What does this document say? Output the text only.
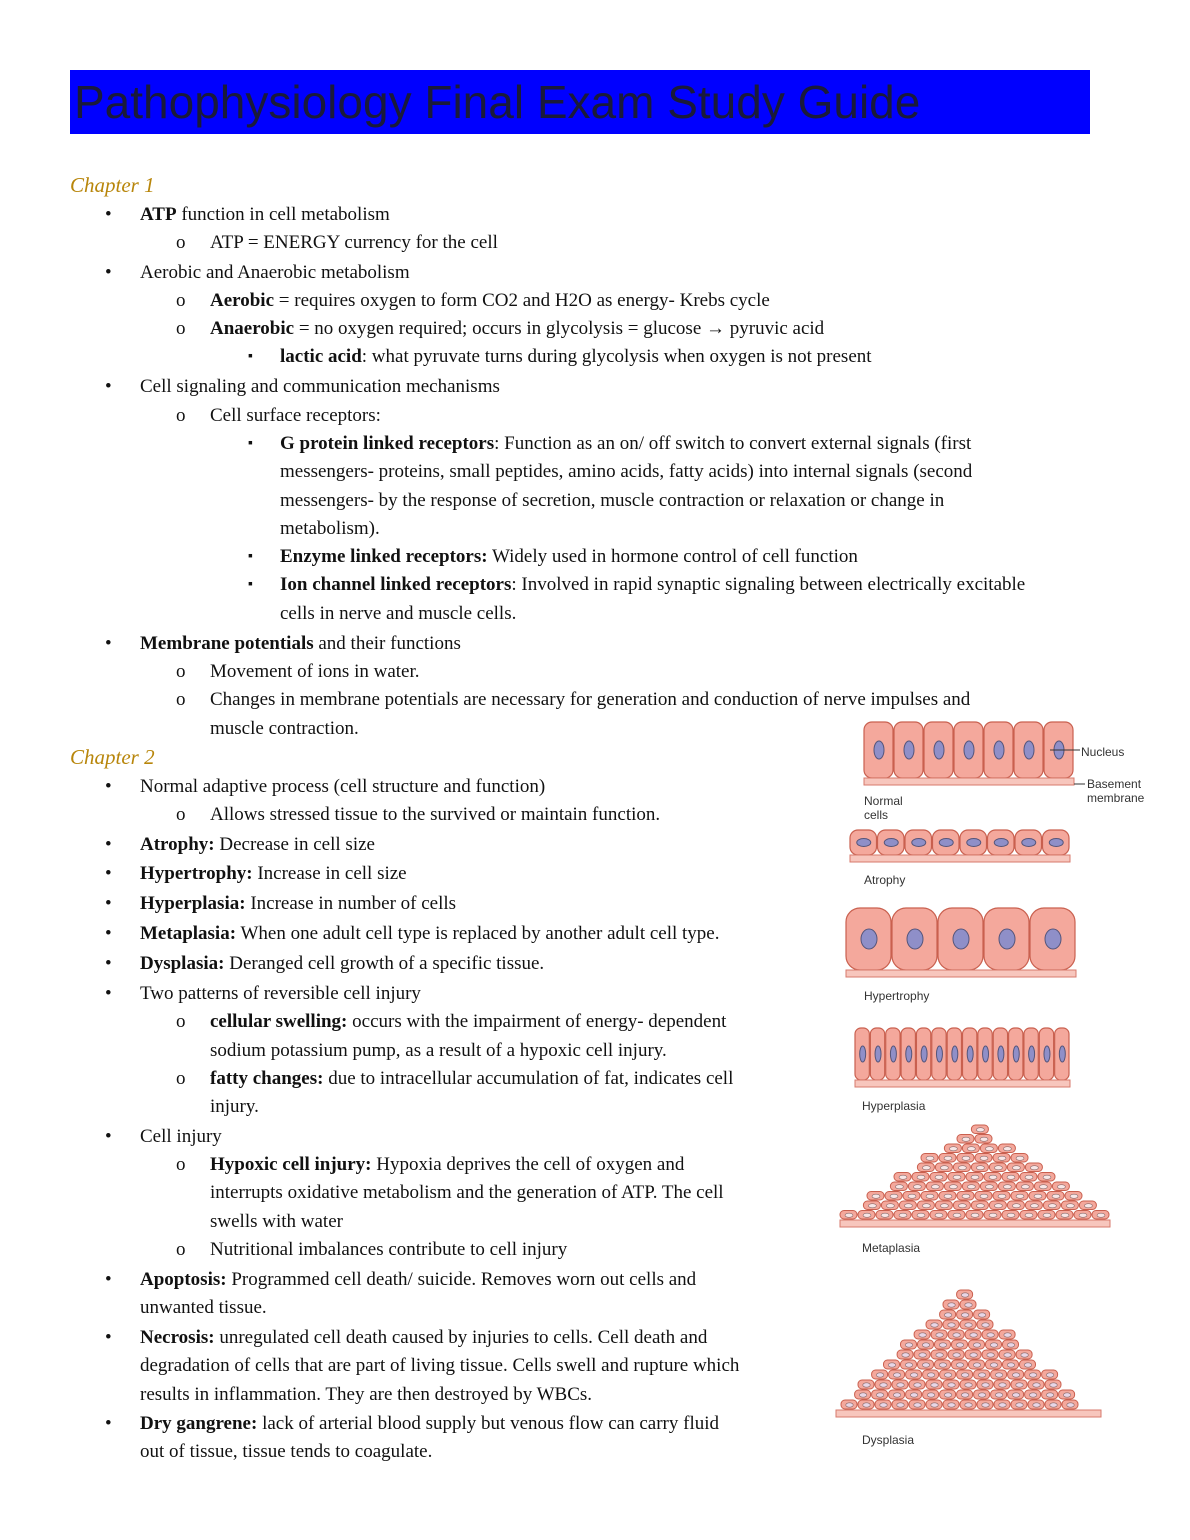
Pathophysiology Final Exam Study Guide
Chapter 1
• ATP function in cell metabolism
o ATP = ENERGY currency for the cell
• Aerobic and Anaerobic metabolism
o Aerobic = requires oxygen to form CO2 and H2O as energy- Krebs cycle
o Anaerobic = no oxygen required; occurs in glycolysis = glucose → pyruvic acid
▪ lactic acid: what pyruvate turns during glycolysis when oxygen is not present
• Cell signaling and communication mechanisms
o Cell surface receptors:
▪ G protein linked receptors: Function as an on/ off switch to convert external signals (first
messengers- proteins, small peptides, amino acids, fatty acids) into internal signals (second
messengers- by the response of secretion, muscle contraction or relaxation or change in
metabolism).
▪ Enzyme linked receptors: Widely used in hormone control of cell function
▪ Ion channel linked receptors: Involved in rapid synaptic signaling between electrically excitable
cells in nerve and muscle cells.
• Membrane potentials and their functions
o Movement of ions in water.
o Changes in membrane potentials are necessary for generation and conduction of nerve impulses and
muscle contraction.
Chapter 2
• Normal adaptive process (cell structure and function)
o Allows stressed tissue to the survived or maintain function.
• Atrophy: Decrease in cell size
• Hypertrophy: Increase in cell size
• Hyperplasia: Increase in number of cells
• Metaplasia: When one adult cell type is replaced by another adult cell type.
• Dysplasia: Deranged cell growth of a specific tissue.
• Two patterns of reversible cell injury
o cellular swelling: occurs with the impairment of energy- dependent
sodium potassium pump, as a result of a hypoxic cell injury.
o fatty changes: due to intracellular accumulation of fat, indicates cell
injury.
• Cell injury
o Hypoxic cell injury: Hypoxia deprives the cell of oxygen and
interrupts oxidative metabolism and the generation of ATP. The cell
swells with water
o Nutritional imbalances contribute to cell injury
• Apoptosis: Programmed cell death/ suicide. Removes worn out cells and
unwanted tissue.
• Necrosis: unregulated cell death caused by injuries to cells. Cell death and
degradation of cells that are part of living tissue. Cells swell and rupture which
results in inflammation. They are then destroyed by WBCs.
• Dry gangrene: lack of arterial blood supply but venous flow can carry fluid
out of tissue, tissue tends to coagulate.
Nucleus
Basement
membrane
Normal cells
Atrophy
Hypertrophy
Hyperplasia
Metaplasia
Dysplasia
